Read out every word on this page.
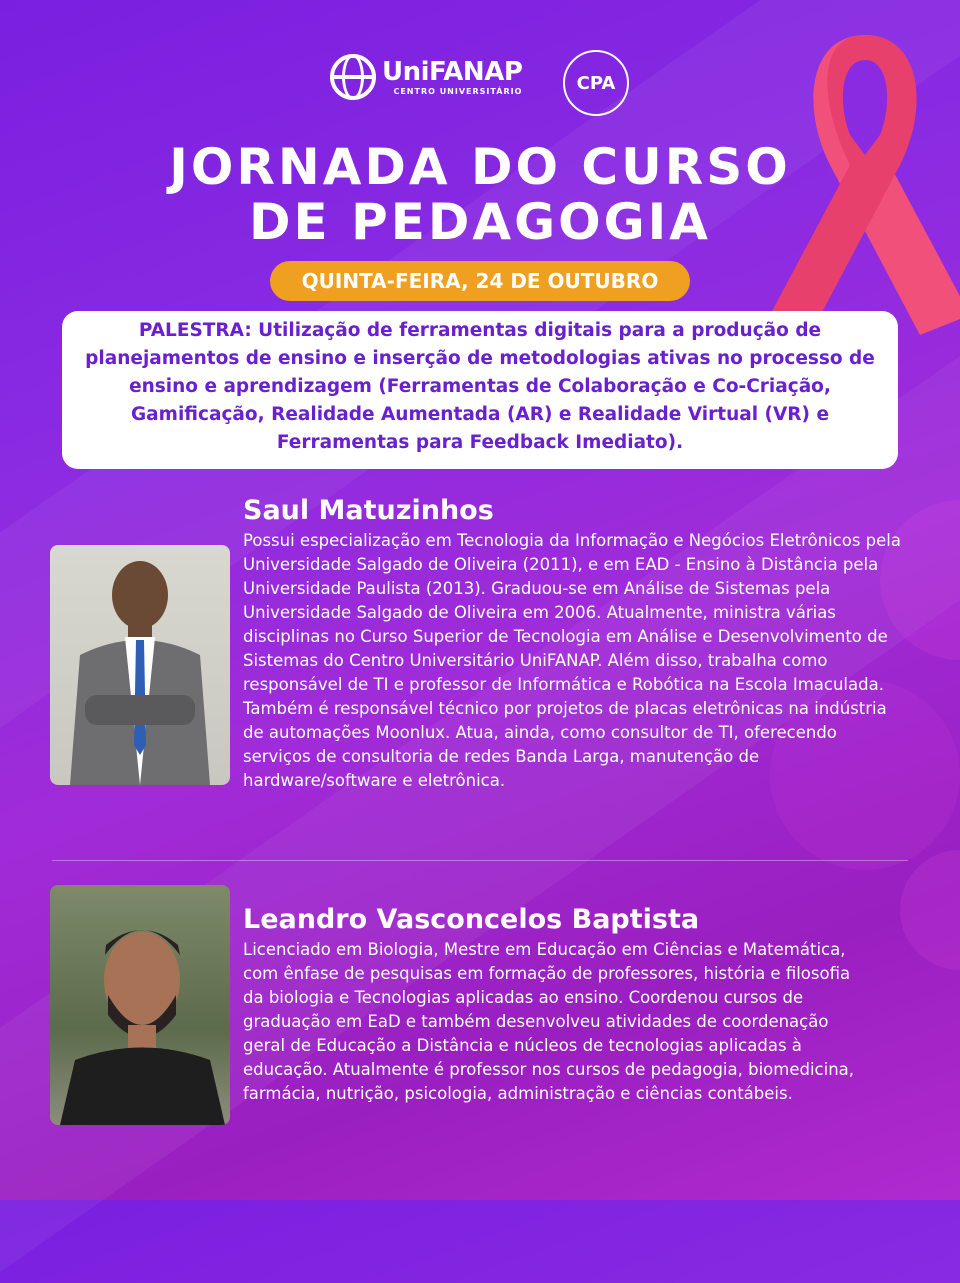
UniFANAP
CENTRO UNIVERSITÁRIO	CPA
JORNADA DO CURSO
DE PEDAGOGIA
QUINTA-FEIRA, 24 DE OUTUBRO
PALESTRA: Utilização de ferramentas digitais para a produção de planejamentos de ensino e inserção de metodologias ativas no processo de ensino e aprendizagem (Ferramentas de Colaboração e Co-Criação, Gamificação, Realidade Aumentada (AR) e Realidade Virtual (VR) e Ferramentas para Feedback Imediato).
Saul Matuzinhos
Possui especialização em Tecnologia da Informação e Negócios Eletrônicos pela Universidade Salgado de Oliveira (2011), e em EAD - Ensino à Distância pela Universidade Paulista (2013). Graduou-se em Análise de Sistemas pela Universidade Salgado de Oliveira em 2006. Atualmente, ministra várias disciplinas no Curso Superior de Tecnologia em Análise e Desenvolvimento de Sistemas do Centro Universitário UniFANAP. Além disso, trabalha como responsável de TI e professor de Informática e Robótica na Escola Imaculada. Também é responsável técnico por projetos de placas eletrônicas na indústria de automações Moonlux. Atua, ainda, como consultor de TI, oferecendo serviços de consultoria de redes Banda Larga, manutenção de hardware/software e eletrônica.
Leandro Vasconcelos Baptista
Licenciado em Biologia, Mestre em Educação em Ciências e Matemática, com ênfase de pesquisas em formação de professores, história e filosofia da biologia e Tecnologias aplicadas ao ensino. Coordenou cursos de graduação em EaD e também desenvolveu atividades de coordenação geral de Educação a Distância e núcleos de tecnologias aplicadas à educação. Atualmente é professor nos cursos de pedagogia, biomedicina, farmácia, nutrição, psicologia, administração e ciências contábeis.
